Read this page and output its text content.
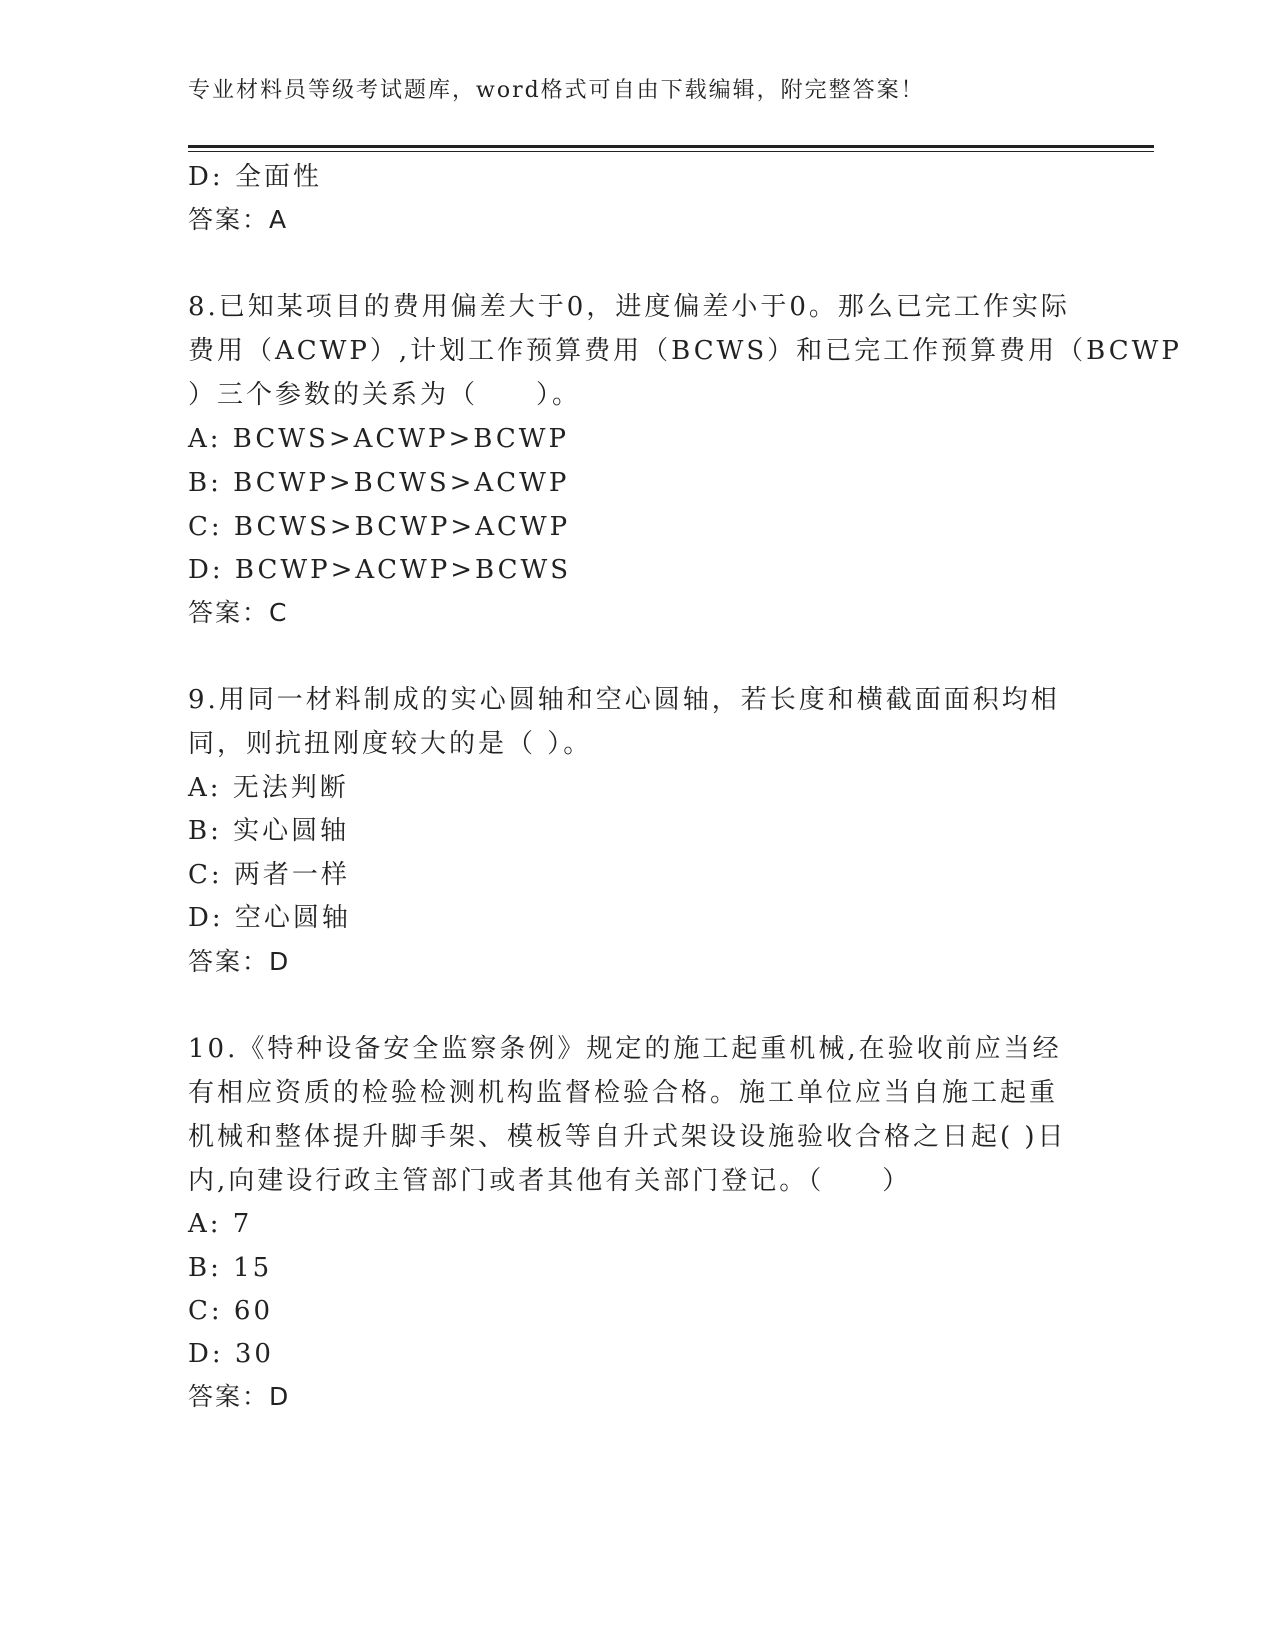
专业材料员等级考试题库，word格式可自由下载编辑，附完整答案！
D: 全面性
答案：A
8.已知某项目的费用偏差大于0，进度偏差小于0。那么已完工作实际
费用（ACWP）,计划工作预算费用（BCWS）和已完工作预算费用（BCWP
）三个参数的关系为（　　）。
A: BCWS>ACWP>BCWP
B: BCWP>BCWS>ACWP
C: BCWS>BCWP>ACWP
D: BCWP>ACWP>BCWS
答案：C
9.用同一材料制成的实心圆轴和空心圆轴，若长度和横截面面积均相
同，则抗扭刚度较大的是（ ）。
A: 无法判断
B: 实心圆轴
C: 两者一样
D: 空心圆轴
答案：D
10.《特种设备安全监察条例》规定的施工起重机械,在验收前应当经
有相应资质的检验检测机构监督检验合格。施工单位应当自施工起重
机械和整体提升脚手架、模板等自升式架设设施验收合格之日起( )日
内,向建设行政主管部门或者其他有关部门登记。（　　）
A: 7
B: 15
C: 60
D: 30
答案：D
